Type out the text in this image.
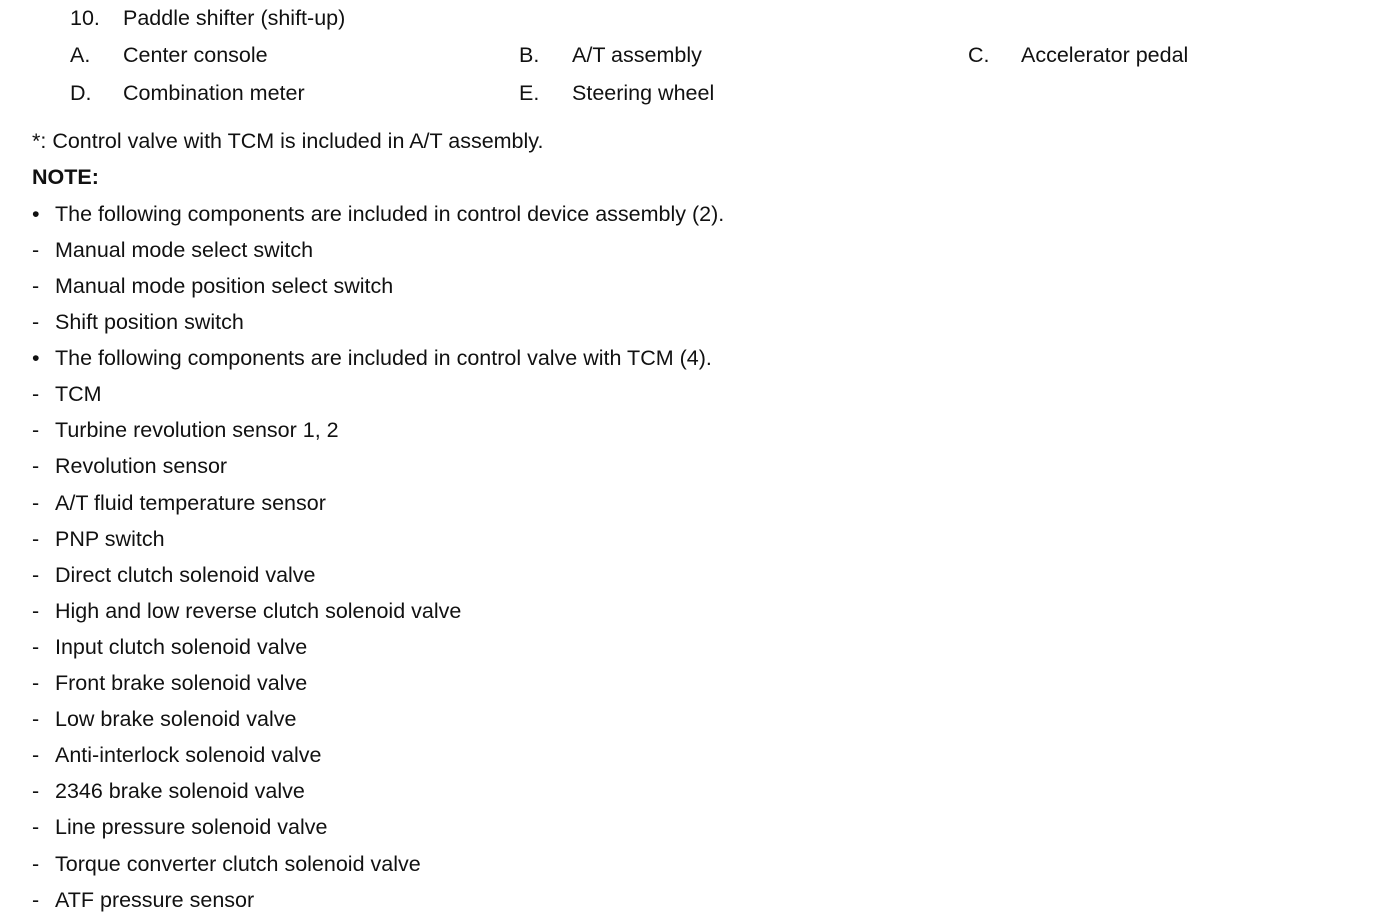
10. Paddle shifter (shift-up)
A. Center console	B. A/T assembly	C. Accelerator pedal
D. Combination meter	E. Steering wheel
*: Control valve with TCM is included in A/T assembly.
NOTE:
• The following components are included in control device assembly (2).
- Manual mode select switch
- Manual mode position select switch
- Shift position switch
• The following components are included in control valve with TCM (4).
- TCM
- Turbine revolution sensor 1, 2
- Revolution sensor
- A/T fluid temperature sensor
- PNP switch
- Direct clutch solenoid valve
- High and low reverse clutch solenoid valve
- Input clutch solenoid valve
- Front brake solenoid valve
- Low brake solenoid valve
- Anti-interlock solenoid valve
- 2346 brake solenoid valve
- Line pressure solenoid valve
- Torque converter clutch solenoid valve
- ATF pressure sensor
